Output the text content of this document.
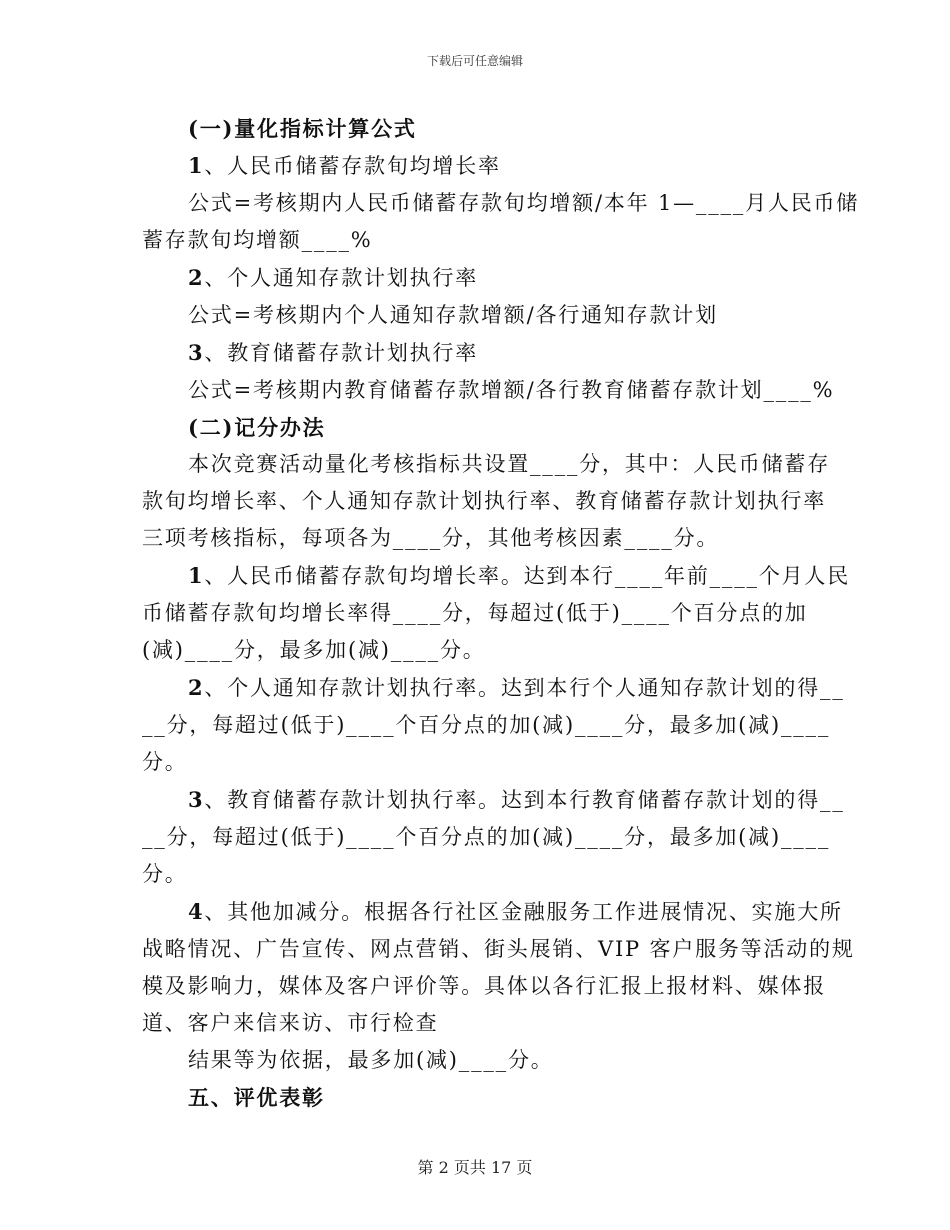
下载后可任意编辑
(一)量化指标计算公式
1、人民币储蓄存款旬均增长率
公式=考核期内人民币储蓄存款旬均增额/本年 1—____月人民币储
蓄存款旬均增额____%
2、个人通知存款计划执行率
公式=考核期内个人通知存款增额/各行通知存款计划
3、教育储蓄存款计划执行率
公式=考核期内教育储蓄存款增额/各行教育储蓄存款计划____%
(二)记分办法
本次竞赛活动量化考核指标共设置____分，其中：人民币储蓄存
款旬均增长率、个人通知存款计划执行率、教育储蓄存款计划执行率
三项考核指标，每项各为____分，其他考核因素____分。
1、人民币储蓄存款旬均增长率。达到本行____年前____个月人民
币储蓄存款旬均增长率得____分，每超过(低于)____个百分点的加
(减)____分，最多加(减)____分。
2、个人通知存款计划执行率。达到本行个人通知存款计划的得__
__分，每超过(低于)____个百分点的加(减)____分，最多加(减)____
分。
3、教育储蓄存款计划执行率。达到本行教育储蓄存款计划的得__
__分，每超过(低于)____个百分点的加(减)____分，最多加(减)____
分。
4、其他加减分。根据各行社区金融服务工作进展情况、实施大所
战略情况、广告宣传、网点营销、街头展销、VIP 客户服务等活动的规
模及影响力，媒体及客户评价等。具体以各行汇报上报材料、媒体报
道、客户来信来访、市行检查
结果等为依据，最多加(减)____分。
五、评优表彰
第 2 页共 17 页
